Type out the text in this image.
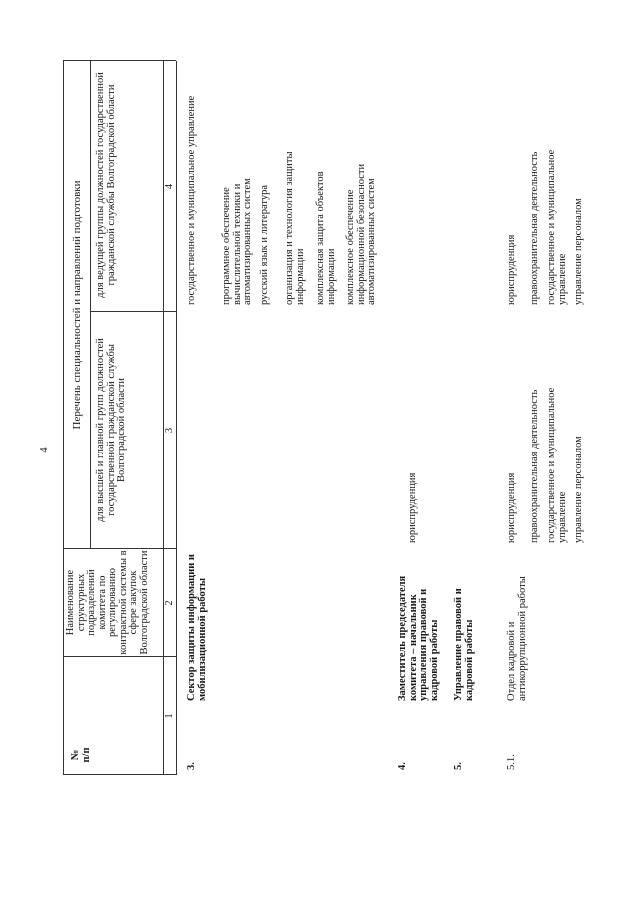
4
№
п/п
Наименование структурных подразделений комитета по регулированию контрактной системы в сфере закупок Волгоградской области
Перечень специальностей и направлений подготовки
для высшей и главной групп должностей государственной гражданской службы Волгоградской области
для ведущей группы должностей государственной гражданской службы Волгоградской области
1
2
3
4
3.
Сектор защиты информации и мобилизационной работы
государственное и муниципальное управление программное обеспечение вычислительной техники и автоматизированных систем русский язык и литература организация и технология защиты информации комплексная защита объектов информации комплексное обеспечение информационной безопасности автоматизированных систем
4.
Заместитель председателя комитета – начальник управления правовой и кадровой работы
юриспруденция
5.
Управление правовой и кадровой работы
5.1.
Отдел кадровой и антикоррупционной работы
юриспруденция правоохранительная деятельность государственное и муниципальное управление управление персоналом
юриспруденция правоохранительная деятельность государственное и муниципальное управление управление персоналом
